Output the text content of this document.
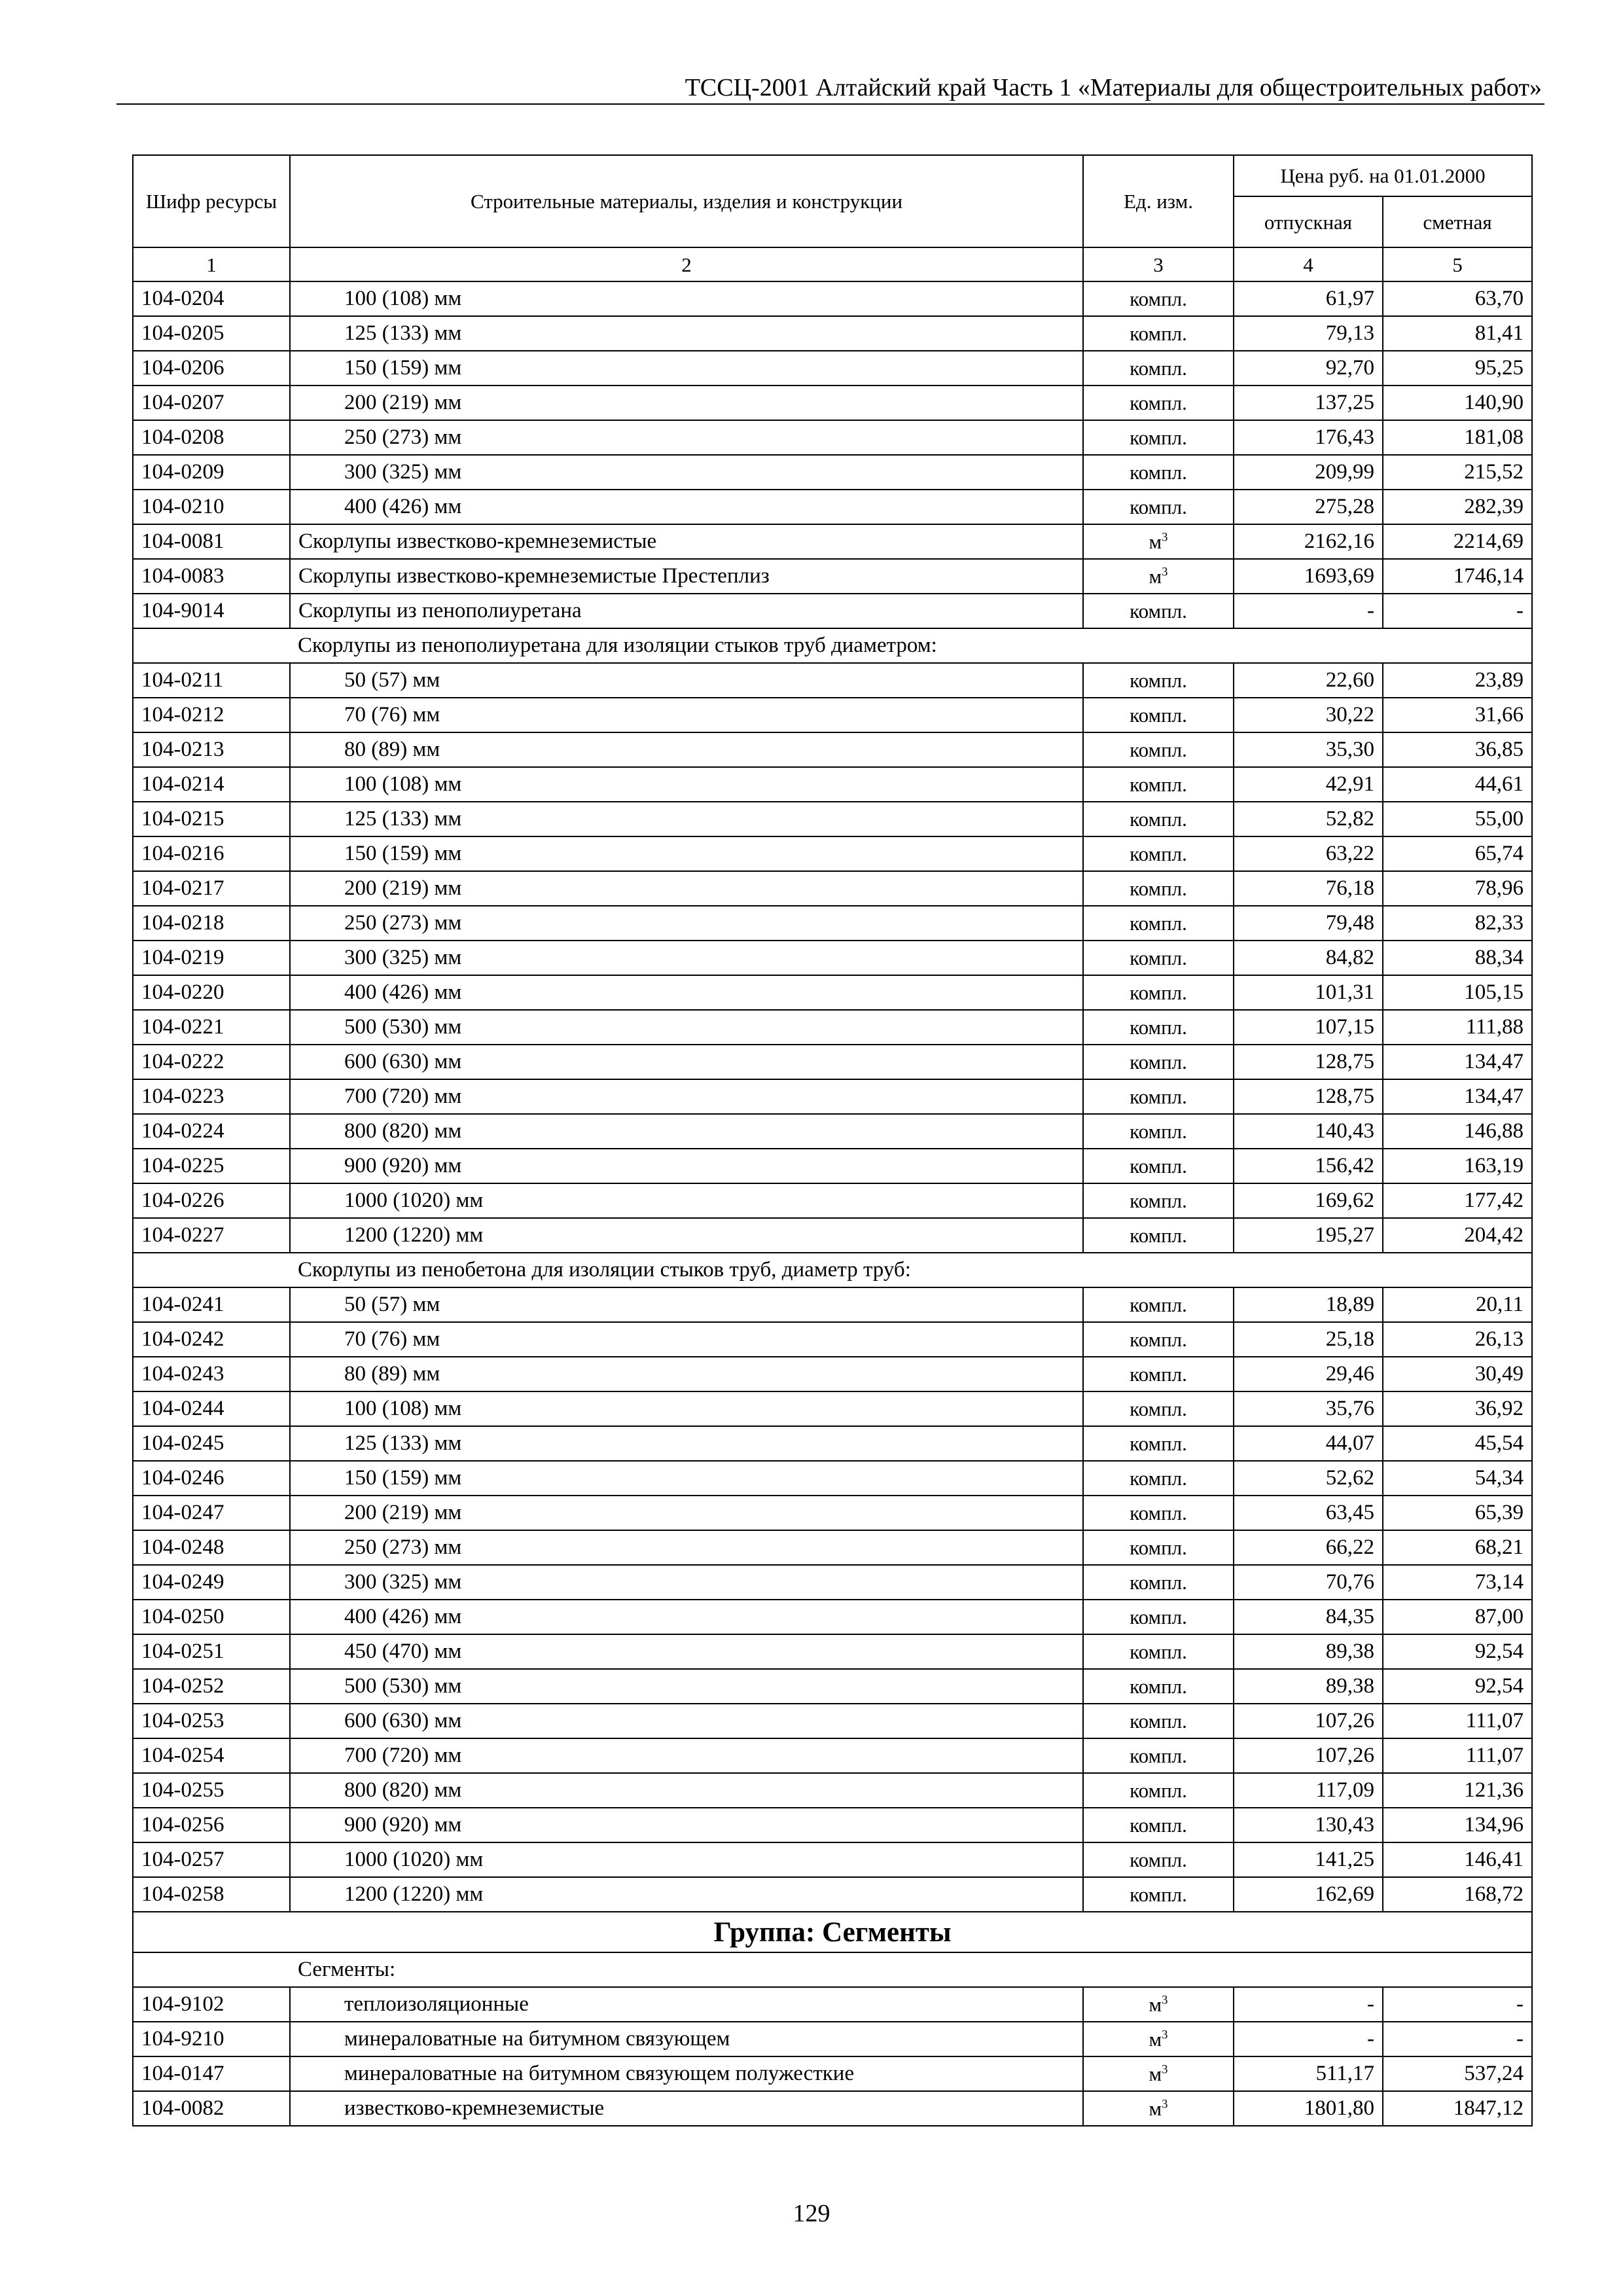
ТССЦ-2001 Алтайский край Часть 1 «Материалы для общестроительных работ»
Шифр ресурсы	Строительные материалы, изделия и конструкции	Ед. изм.	Цена руб. на 01.01.2000	
			отпускная	сметная
1	2	3	4	5
104-0204	100 (108) мм	компл.	61,97	63,70
104-0205	125 (133) мм	компл.	79,13	81,41
104-0206	150 (159) мм	компл.	92,70	95,25
104-0207	200 (219) мм	компл.	137,25	140,90
104-0208	250 (273) мм	компл.	176,43	181,08
104-0209	300 (325) мм	компл.	209,99	215,52
104-0210	400 (426) мм	компл.	275,28	282,39
104-0081	Скорлупы известково-кремнеземистые	$м^3$	2162,16	2214,69
104-0083	Скорлупы известково-кремнеземистые Престеплиз	$м^3$	1693,69	1746,14
104-9014	Скорлупы из пенополиуретана	компл.	-	-
	Скорлупы из пенополиуретана для изоляции стыков труб диаметром:			
104-0211	50 (57) мм	компл.	22,60	23,89
104-0212	70 (76) мм	компл.	30,22	31,66
104-0213	80 (89) мм	компл.	35,30	36,85
104-0214	100 (108) мм	компл.	42,91	44,61
104-0215	125 (133) мм	компл.	52,82	55,00
104-0216	150 (159) мм	компл.	63,22	65,74
104-0217	200 (219) мм	компл.	76,18	78,96
104-0218	250 (273) мм	компл.	79,48	82,33
104-0219	300 (325) мм	компл.	84,82	88,34
104-0220	400 (426) мм	компл.	101,31	105,15
104-0221	500 (530) мм	компл.	107,15	111,88
104-0222	600 (630) мм	компл.	128,75	134,47
104-0223	700 (720) мм	компл.	128,75	134,47
104-0224	800 (820) мм	компл.	140,43	146,88
104-0225	900 (920) мм	компл.	156,42	163,19
104-0226	1000 (1020) мм	компл.	169,62	177,42
104-0227	1200 (1220) мм	компл.	195,27	204,42
	Скорлупы из пенобетона для изоляции стыков труб, диаметр труб:			
104-0241	50 (57) мм	компл.	18,89	20,11
104-0242	70 (76) мм	компл.	25,18	26,13
104-0243	80 (89) мм	компл.	29,46	30,49
104-0244	100 (108) мм	компл.	35,76	36,92
104-0245	125 (133) мм	компл.	44,07	45,54
104-0246	150 (159) мм	компл.	52,62	54,34
104-0247	200 (219) мм	компл.	63,45	65,39
104-0248	250 (273) мм	компл.	66,22	68,21
104-0249	300 (325) мм	компл.	70,76	73,14
104-0250	400 (426) мм	компл.	84,35	87,00
104-0251	450 (470) мм	компл.	89,38	92,54
104-0252	500 (530) мм	компл.	89,38	92,54
104-0253	600 (630) мм	компл.	107,26	111,07
104-0254	700 (720) мм	компл.	107,26	111,07
104-0255	800 (820) мм	компл.	117,09	121,36
104-0256	900 (920) мм	компл.	130,43	134,96
104-0257	1000 (1020) мм	компл.	141,25	146,41
104-0258	1200 (1220) мм	компл.	162,69	168,72
Группа: Сегменты				
	Сегменты:			
104-9102	теплоизоляционные	$м^3$	-	-
104-9210	минераловатные на битумном связующем	$м^3$	-	-
104-0147	минераловатные на битумном связующем полужесткие	$м^3$	511,17	537,24
104-0082	известково-кремнеземистые	$м^3$	1801,80	1847,12
129
